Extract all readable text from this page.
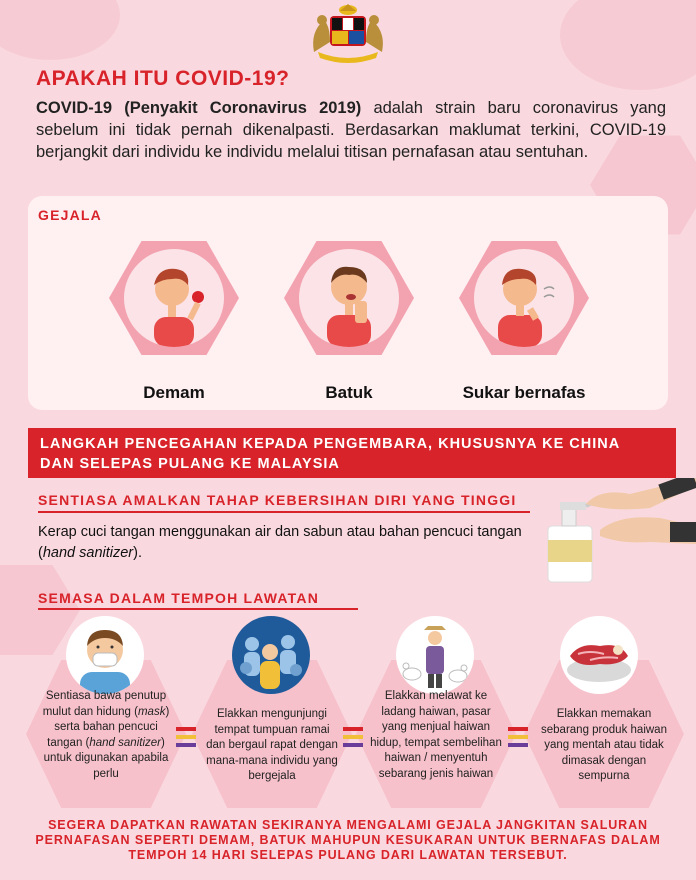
APAKAH ITU COVID-19?
COVID-19 (Penyakit Coronavirus 2019) adalah strain baru coronavirus yang sebelum ini tidak pernah dikenalpasti. Berdasarkan maklumat terkini, COVID-19 berjangkit dari individu ke individu melalui titisan pernafasan atau sentuhan.
GEJALA
Demam	Batuk	Sukar bernafas
LANGKAH PENCEGAHAN KEPADA PENGEMBARA, KHUSUSNYA KE CHINA
DAN SELEPAS PULANG KE MALAYSIA
SENTIASA AMALKAN TAHAP KEBERSIHAN DIRI YANG TINGGI
Kerap cuci tangan menggunakan air dan sabun atau bahan pencuci tangan (hand sanitizer).
SEMASA DALAM TEMPOH LAWATAN
Sentiasa bawa penutup mulut dan hidung (mask) serta bahan pencuci tangan (hand sanitizer) untuk digunakan apabila perlu
Elakkan mengunjungi tempat tumpuan ramai dan bergaul rapat dengan mana-mana individu yang bergejala
Elakkan melawat ke ladang haiwan, pasar yang menjual haiwan hidup, tempat sembelihan haiwan / menyentuh sebarang jenis haiwan
Elakkan memakan sebarang produk haiwan yang mentah atau tidak dimasak dengan sempurna
SEGERA DAPATKAN RAWATAN SEKIRANYA MENGALAMI GEJALA JANGKITAN SALURAN PERNAFASAN SEPERTI DEMAM, BATUK MAHUPUN KESUKARAN UNTUK BERNAFAS DALAM TEMPOH 14 HARI SELEPAS PULANG DARI LAWATAN TERSEBUT.
